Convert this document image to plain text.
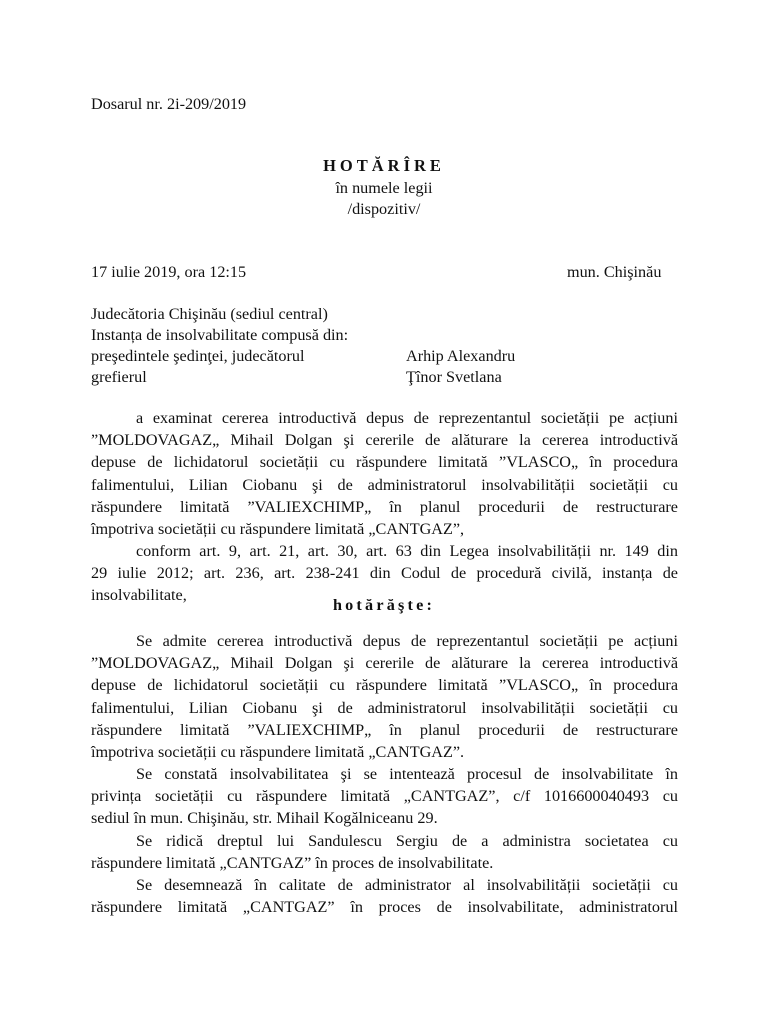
Dosarul nr. 2i-209/2019
HOTĂRÎRE
în numele legii
/dispozitiv/
17 iulie 2019, ora 12:15	mun. Chişinău
Judecătoria Chişinău (sediul central)
Instanța de insolvabilitate compusă din:
preşedintele şedinţei, judecătorul	Arhip Alexandru
grefierul	Ţînor Svetlana
a examinat cererea introductivă depus de reprezentantul societății pe acțiuni
”MOLDOVAGAZ„ Mihail Dolgan şi cererile de alăturare la cererea introductivă
depuse de lichidatorul societății cu răspundere limitată ”VLASCO„ în procedura
falimentului, Lilian Ciobanu şi de administratorul insolvabilității societății cu
răspundere limitată ”VALIEXCHIMP„ în planul procedurii de restructurare
împotriva societății cu răspundere limitată „CANTGAZ”,
conform art. 9, art. 21, art. 30, art. 63 din Legea insolvabilității nr. 149 din
29 iulie 2012; art. 236, art. 238-241 din Codul de procedură civilă, instanța de
insolvabilitate,
hotărăşte:
Se admite cererea introductivă depus de reprezentantul societății pe acțiuni
”MOLDOVAGAZ„ Mihail Dolgan şi cererile de alăturare la cererea introductivă
depuse de lichidatorul societății cu răspundere limitată ”VLASCO„ în procedura
falimentului, Lilian Ciobanu şi de administratorul insolvabilității societății cu
răspundere limitată ”VALIEXCHIMP„ în planul procedurii de restructurare
împotriva societății cu răspundere limitată „CANTGAZ”.
Se constată insolvabilitatea şi se intentează procesul de insolvabilitate în
privința societății cu răspundere limitată „CANTGAZ”, c/f 1016600040493 cu
sediul în mun. Chişinău, str. Mihail Kogălniceanu 29.
Se ridică dreptul lui Sandulescu Sergiu de a administra societatea cu
răspundere limitată „CANTGAZ” în proces de insolvabilitate.
Se desemnează în calitate de administrator al insolvabilității societății cu
răspundere limitată „CANTGAZ” în proces de insolvabilitate, administratorul
